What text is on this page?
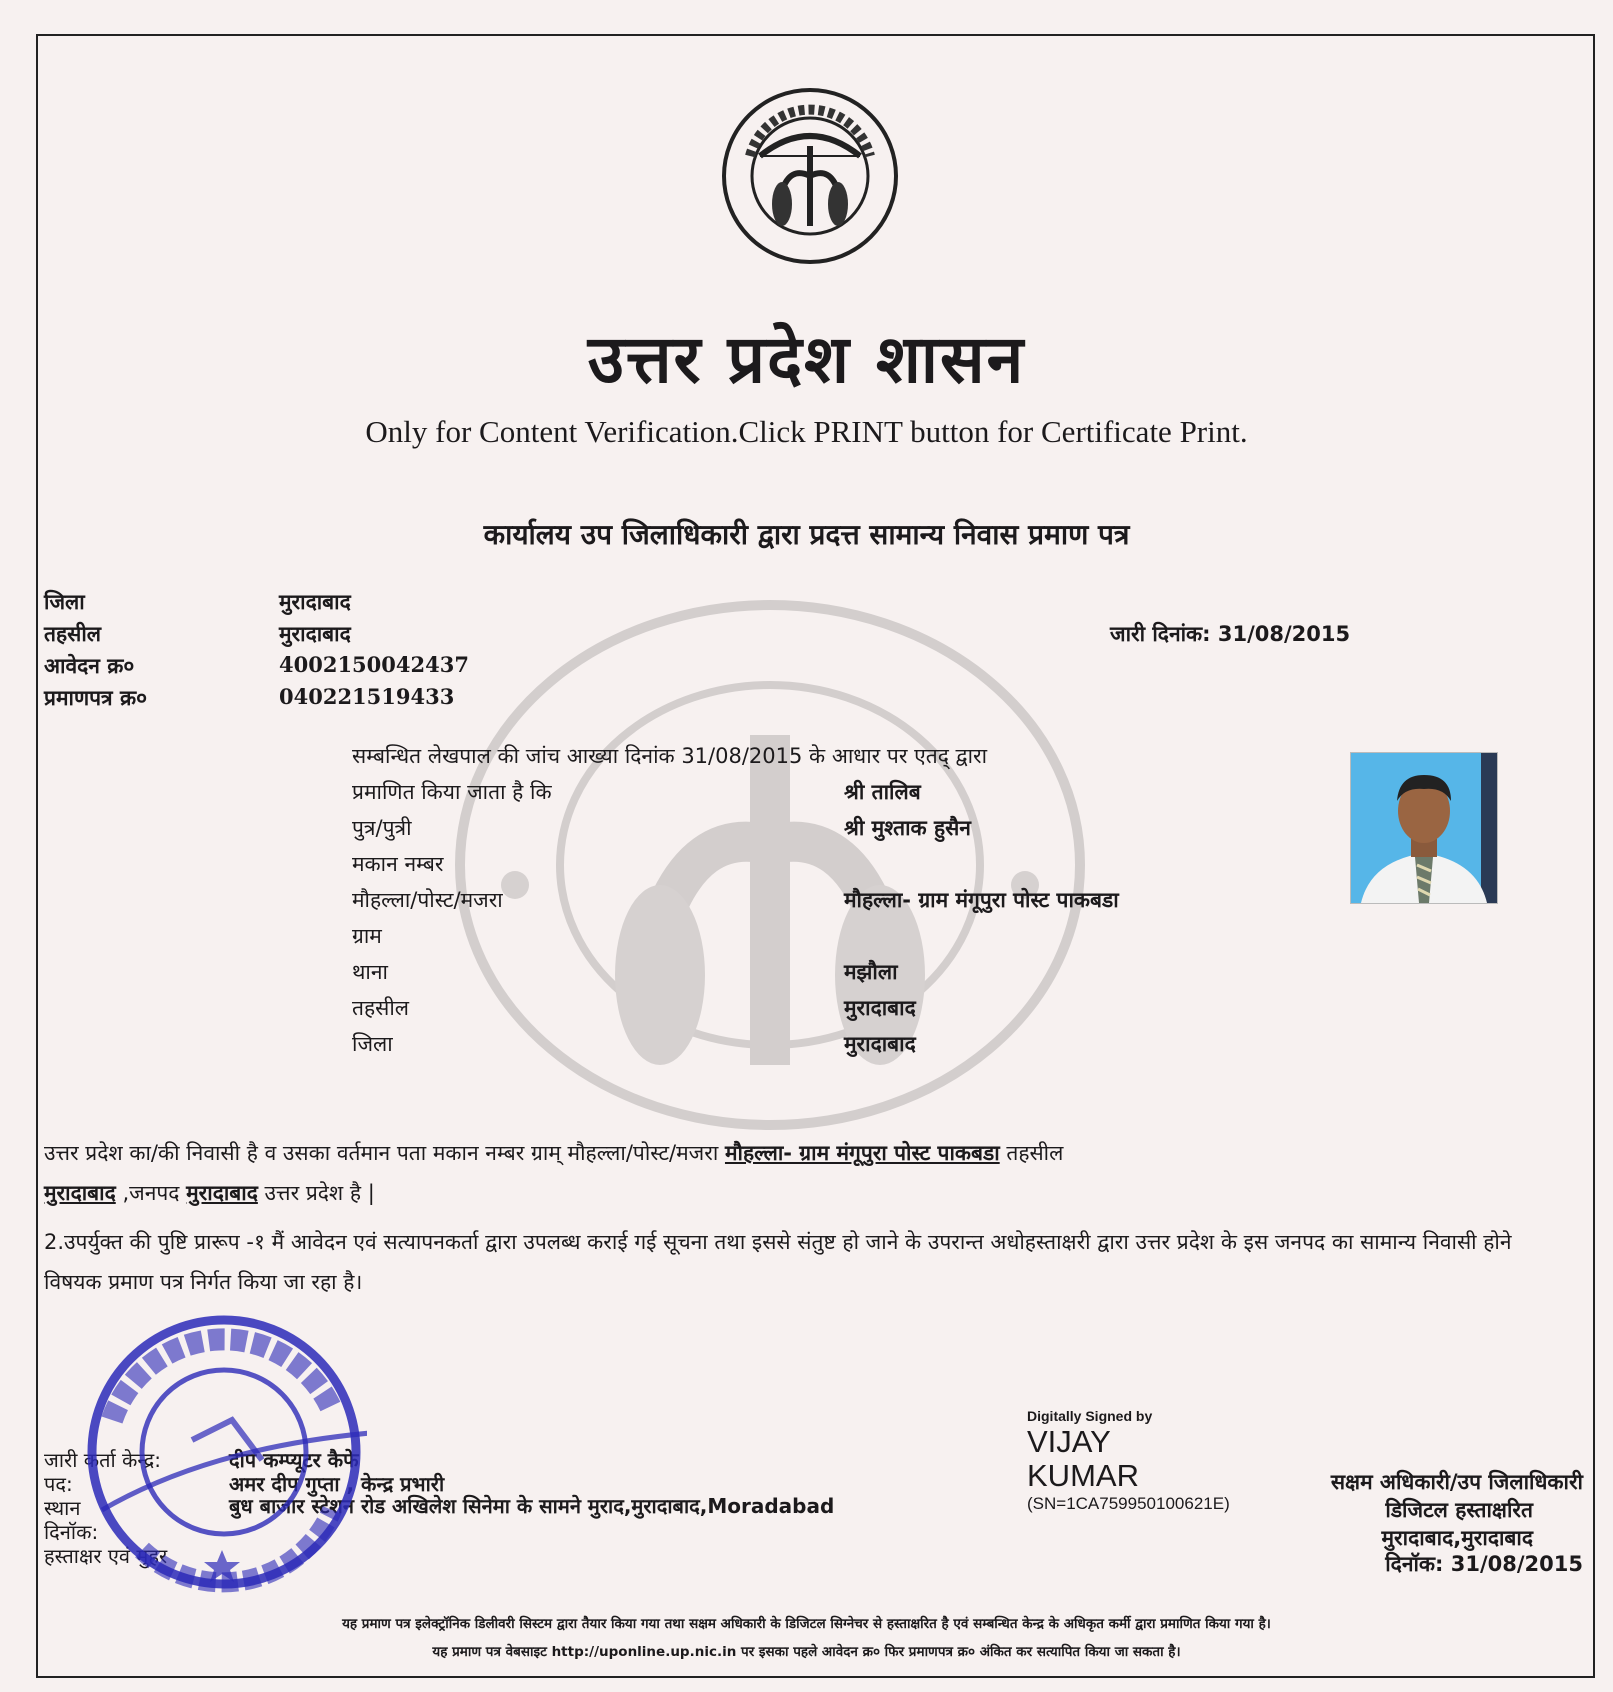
उत्तर प्रदेश शासन
Only for Content Verification.Click PRINT button for Certificate Print.
कार्यालय उप जिलाधिकारी द्वारा प्रदत्त सामान्य निवास प्रमाण पत्र
जिला	मुरादाबाद
तहसील	मुरादाबाद
आवेदन क्र०	4002150042437
प्रमाणपत्र क्र०	040221519433
जारी दिनांक: 31/08/2015
सम्बन्धित लेखपाल की जांच आख्या दिनांक 31/08/2015 के आधार पर एतद् द्वारा
प्रमाणित किया जाता है कि	श्री तालिब
पुत्र/पुत्री	श्री मुश्ताक हुसैन
मकान नम्बर
मौहल्ला/पोस्ट/मजरा	मौहल्ला- ग्राम मंगूपुरा पोस्ट पाकबडा
ग्राम
थाना	मझौला
तहसील	मुरादाबाद
जिला	मुरादाबाद
उत्तर प्रदेश का/की निवासी है व उसका वर्तमान पता मकान नम्बर ग्राम् मौहल्ला/पोस्ट/मजरा मौहल्ला- ग्राम मंगूपुरा पोस्ट पाकबडा तहसील
मुरादाबाद ,जनपद मुरादाबाद उत्तर प्रदेश है |
2.उपर्युक्त की पुष्टि प्रारूप -१ मैं आवेदन एवं सत्यापनकर्ता द्वारा उपलब्ध कराई गई सूचना तथा इससे संतुष्ट हो जाने के उपरान्त अधोहस्ताक्षरी द्वारा उत्तर प्रदेश के इस जनपद का सामान्य निवासी होने विषयक प्रमाण पत्र निर्गत किया जा रहा है।
जारी कर्ता केन्द्र:	दीप कम्प्यूटर कैफे
पद:	अमर दीप गुप्ता , केन्द्र प्रभारी
स्थान	बुध बाजार स्टेशन रोड अखिलेश सिनेमा के सामने मुराद,मुरादाबाद,Moradabad
दिनॉक:
हस्ताक्षर एवं मुहर
Digitally Signed by
VIJAY
KUMAR
(SN=1CA759950100621E)
सक्षम अधिकारी/उप जिलाधिकारी
डिजिटल हस्ताक्षरित
मुरादाबाद,मुरादाबाद
दिनॉक: 31/08/2015
यह प्रमाण पत्र इलेक्ट्रॉनिक डिलीवरी सिस्टम द्वारा तैयार किया गया तथा सक्षम अधिकारी के डिजिटल सिग्नेचर से हस्ताक्षरित है एवं सम्बन्धित केन्द्र के अधिकृत कर्मी द्वारा प्रमाणित किया गया है।
यह प्रमाण पत्र वेबसाइट http://uponline.up.nic.in पर इसका पहले आवेदन क्र० फिर प्रमाणपत्र क्र० अंकित कर सत्यापित किया जा सकता है।
